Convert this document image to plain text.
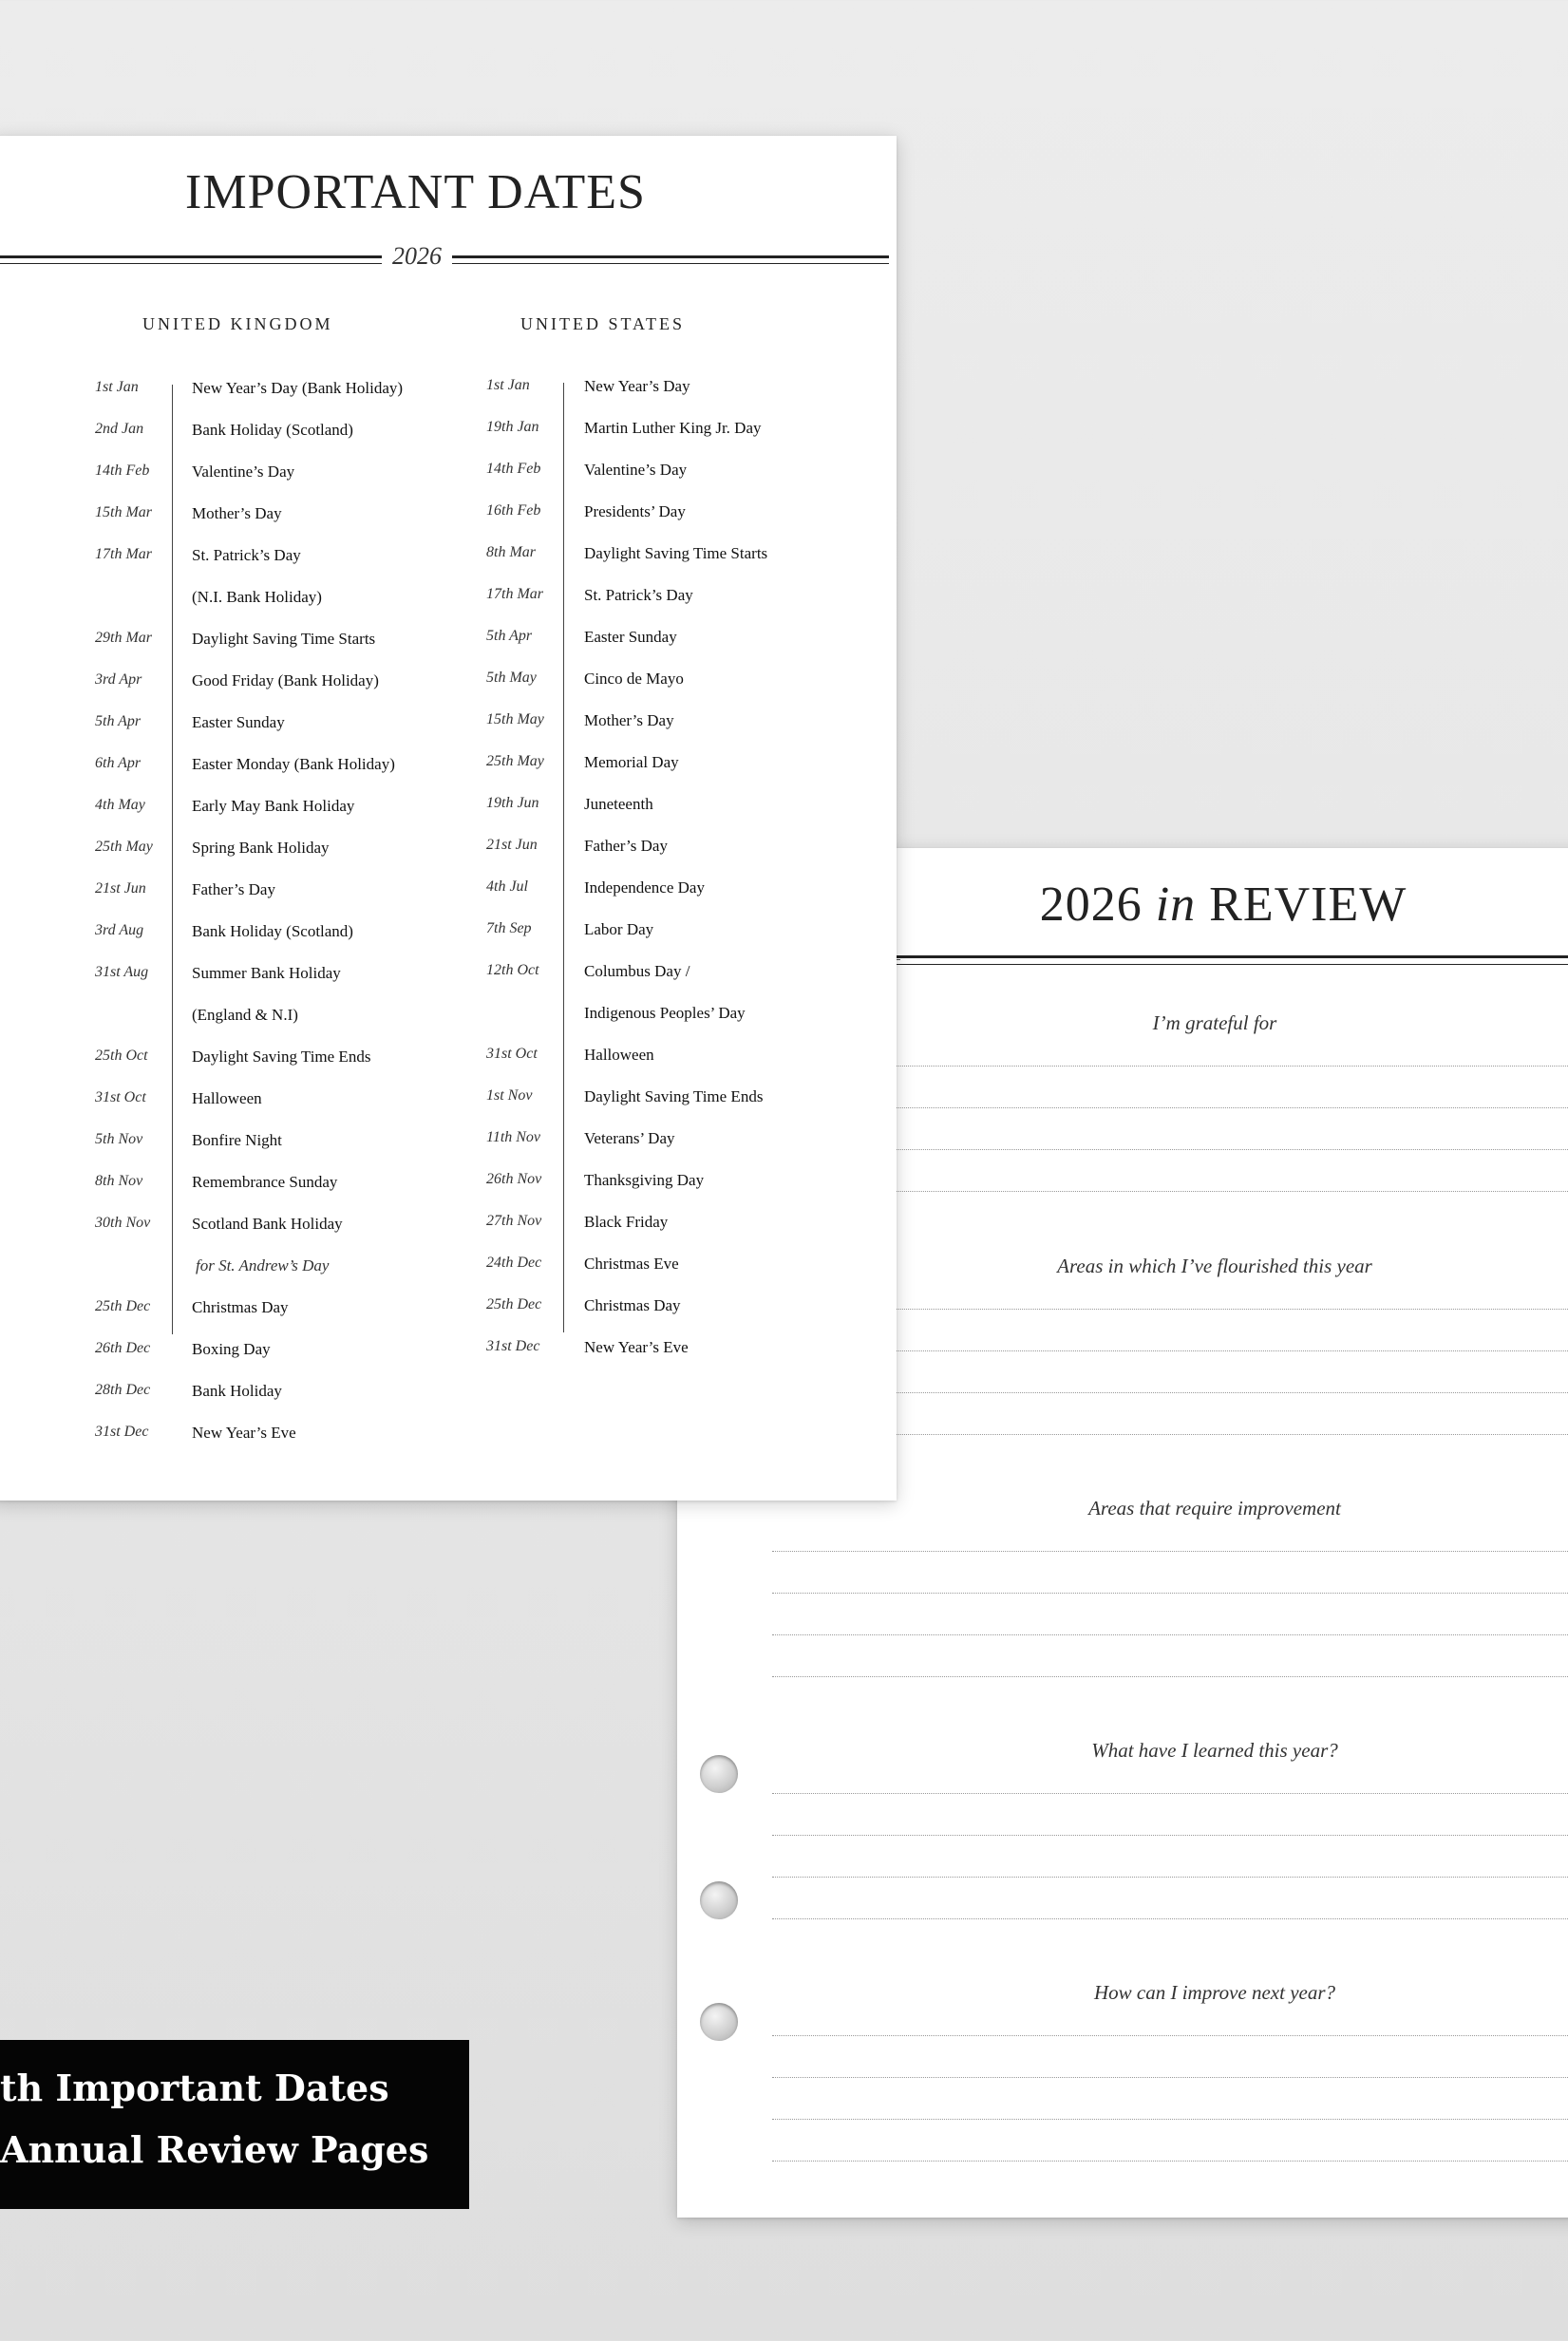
2026 in REVIEW
I’m grateful for
Areas in which I’ve flourished this year
Areas that require improvement
What have I learned this year?
How can I improve next year?
IMPORTANT DATES
2026
UNITED KINGDOM	UNITED STATES
1st Jan	New Year’s Day (Bank Holiday)
2nd Jan	Bank Holiday (Scotland)
14th Feb	Valentine’s Day
15th Mar Mother’s Day
17th Mar St. Patrick’s Day
(N.I. Bank Holiday)
29th Mar Daylight Saving Time Starts
3rd Apr	Good Friday (Bank Holiday)
5th Apr	Easter Sunday
6th Apr	Easter Monday (Bank Holiday)
4th May	Early May Bank Holiday
25th May Spring Bank Holiday
21st Jun	Father’s Day
3rd Aug	Bank Holiday (Scotland)
31st Aug	Summer Bank Holiday
(England & N.I)
25th Oct	Daylight Saving Time Ends
31st Oct	Halloween
5th Nov	Bonfire Night
8th Nov	Remembrance Sunday
30th Nov	Scotland Bank Holiday
for St. Andrew’s Day
25th Dec	Christmas Day
26th Dec	Boxing Day
28th Dec	Bank Holiday
31st Dec	New Year’s Eve
1st Jan	New Year’s Day
19th Jan	Martin Luther King Jr. Day
14th Feb	Valentine’s Day
16th Feb	Presidents’ Day
8th Mar	Daylight Saving Time Starts
17th Mar	St. Patrick’s Day
5th Apr	Easter Sunday
5th May	Cinco de Mayo
15th May Mother’s Day
25th May Memorial Day
19th Jun	Juneteenth
21st Jun	Father’s Day
4th Jul	Independence Day
7th Sep	Labor Day
12th Oct	Columbus Day /
Indigenous Peoples’ Day
31st Oct	Halloween
1st Nov	Daylight Saving Time Ends
11th Nov	Veterans’ Day
26th Nov	Thanksgiving Day
27th Nov	Black Friday
24th Dec	Christmas Eve
25th Dec	Christmas Day
31st Dec	New Year’s Eve
th Important Dates
Annual Review Pages
